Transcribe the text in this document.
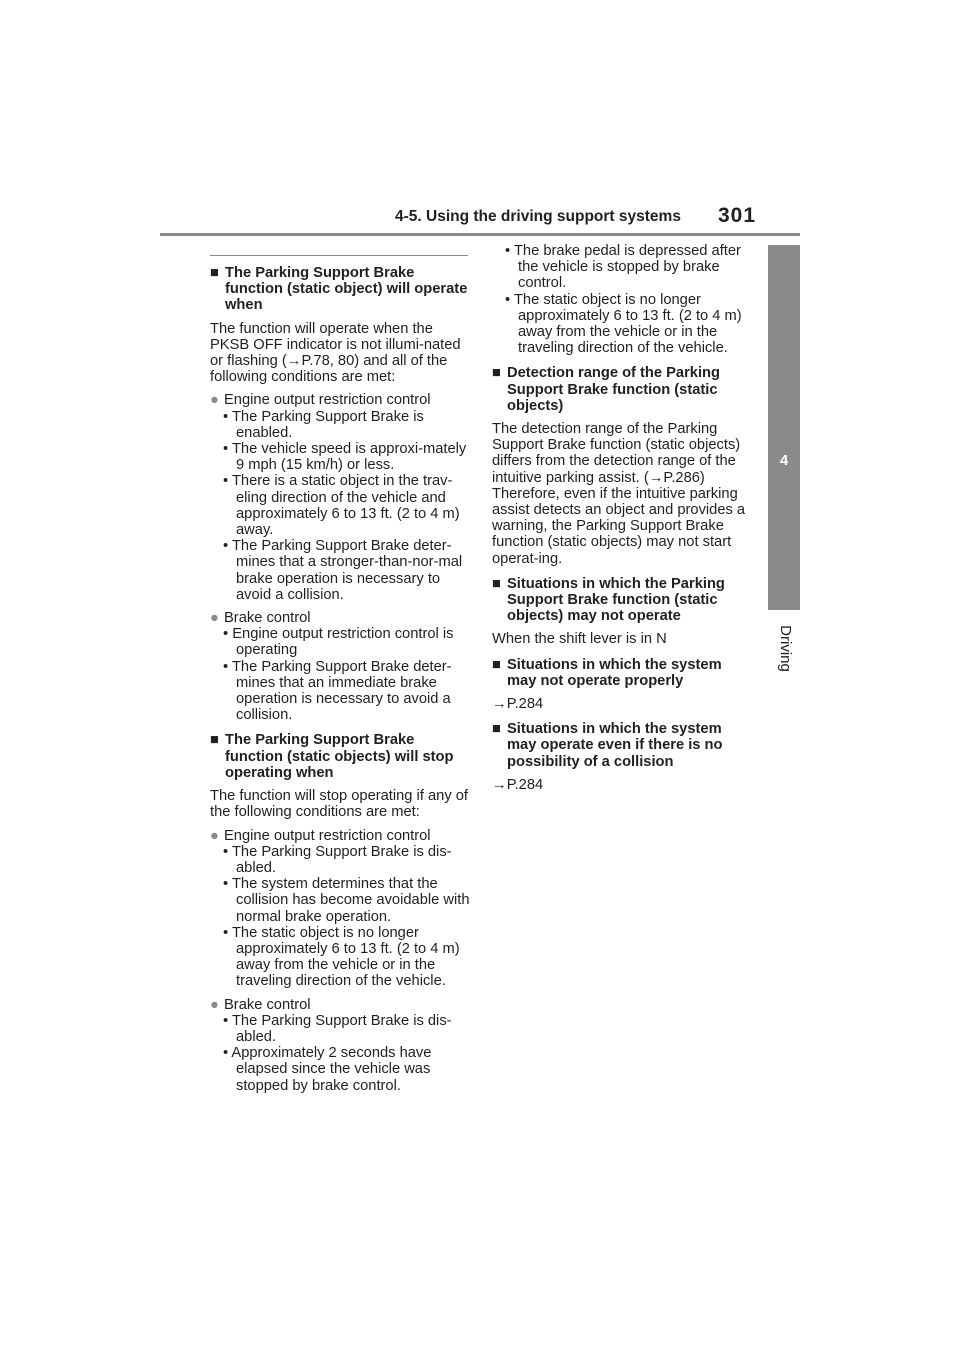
4-5. Using the driving support systems 301
4
Driving
■ The Parking Support Brake function (static object) will operate when
The function will operate when the PKSB OFF indicator is not illumi-nated or flashing (→P.78, 80) and all of the following conditions are met:
● Engine output restriction control
• The Parking Support Brake is enabled.
• The vehicle speed is approxi-mately 9 mph (15 km/h) or less.
• There is a static object in the trav-eling direction of the vehicle and approximately 6 to 13 ft. (2 to 4 m) away.
• The Parking Support Brake deter-mines that a stronger-than-nor-mal brake operation is necessary to avoid a collision.
● Brake control
• Engine output restriction control is operating
• The Parking Support Brake deter-mines that an immediate brake operation is necessary to avoid a collision.
■ The Parking Support Brake function (static objects) will stop operating when
The function will stop operating if any of the following conditions are met:
● Engine output restriction control
• The Parking Support Brake is dis-abled.
• The system determines that the collision has become avoidable with normal brake operation.
• The static object is no longer approximately 6 to 13 ft. (2 to 4 m) away from the vehicle or in the traveling direction of the vehicle.
● Brake control
• The Parking Support Brake is dis-abled.
• Approximately 2 seconds have elapsed since the vehicle was stopped by brake control.
• The brake pedal is depressed after the vehicle is stopped by brake control.
• The static object is no longer approximately 6 to 13 ft. (2 to 4 m) away from the vehicle or in the traveling direction of the vehicle.
■ Detection range of the Parking Support Brake function (static objects)
The detection range of the Parking Support Brake function (static objects) differs from the detection range of the intuitive parking assist. (→P.286) Therefore, even if the intuitive parking assist detects an object and provides a warning, the Parking Support Brake function (static objects) may not start operat-ing.
■ Situations in which the Parking Support Brake function (static objects) may not operate
When the shift lever is in N
■ Situations in which the system may not operate properly
→P.284
■ Situations in which the system may operate even if there is no possibility of a collision
→P.284
